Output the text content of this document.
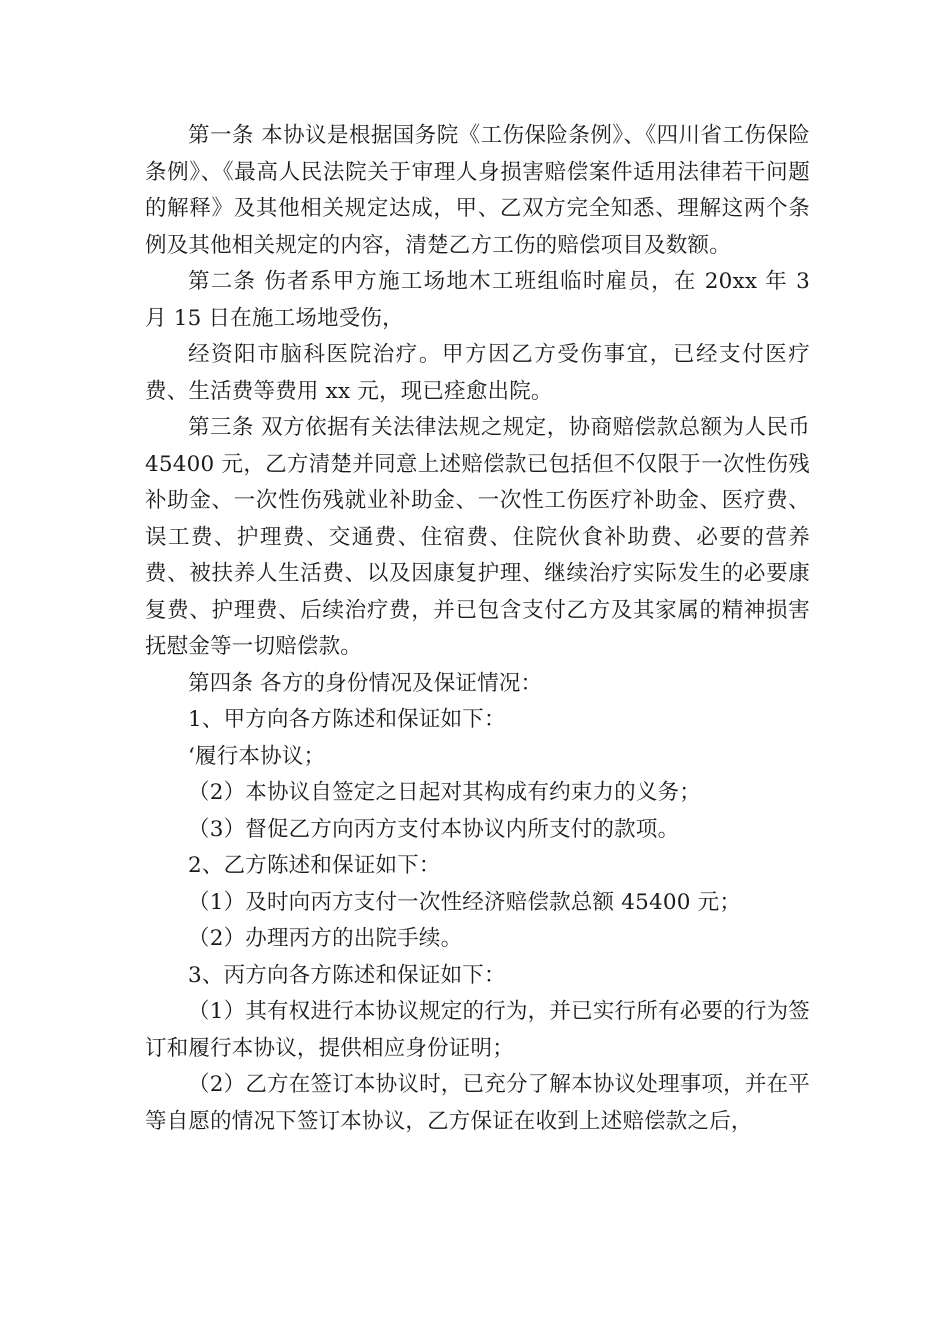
第一条 本协议是根据国务院《工伤保险条例》、《四川省工伤保险条例》、《最高人民法院关于审理人身损害赔偿案件适用法律若干问题的解释》及其他相关规定达成，甲、乙双方完全知悉、理解这两个条例及其他相关规定的内容，清楚乙方工伤的赔偿项目及数额。

第二条 伤者系甲方施工场地木工班组临时雇员，在 20xx 年 3 月 15 日在施工场地受伤，

经资阳市脑科医院治疗。甲方因乙方受伤事宜，已经支付医疗费、生活费等费用 xx 元，现已痊愈出院。

第三条 双方依据有关法律法规之规定，协商赔偿款总额为人民币 45400 元，乙方清楚并同意上述赔偿款已包括但不仅限于一次性伤残补助金、一次性伤残就业补助金、一次性工伤医疗补助金、医疗费、误工费、护理费、交通费、住宿费、住院伙食补助费、必要的营养费、被扶养人生活费、以及因康复护理、继续治疗实际发生的必要康复费、护理费、后续治疗费，并已包含支付乙方及其家属的精神损害抚慰金等一切赔偿款。

第四条 各方的身份情况及保证情况：

1、甲方向各方陈述和保证如下：

‘履行本协议；

（2）本协议自签定之日起对其构成有约束力的义务；

（3）督促乙方向丙方支付本协议内所支付的款项。

2、乙方陈述和保证如下：

（1）及时向丙方支付一次性经济赔偿款总额 45400 元；

（2）办理丙方的出院手续。

3、丙方向各方陈述和保证如下：

（1）其有权进行本协议规定的行为，并已实行所有必要的行为签订和履行本协议，提供相应身份证明；

（2）乙方在签订本协议时，已充分了解本协议处理事项，并在平等自愿的情况下签订本协议，乙方保证在收到上述赔偿款之后，
